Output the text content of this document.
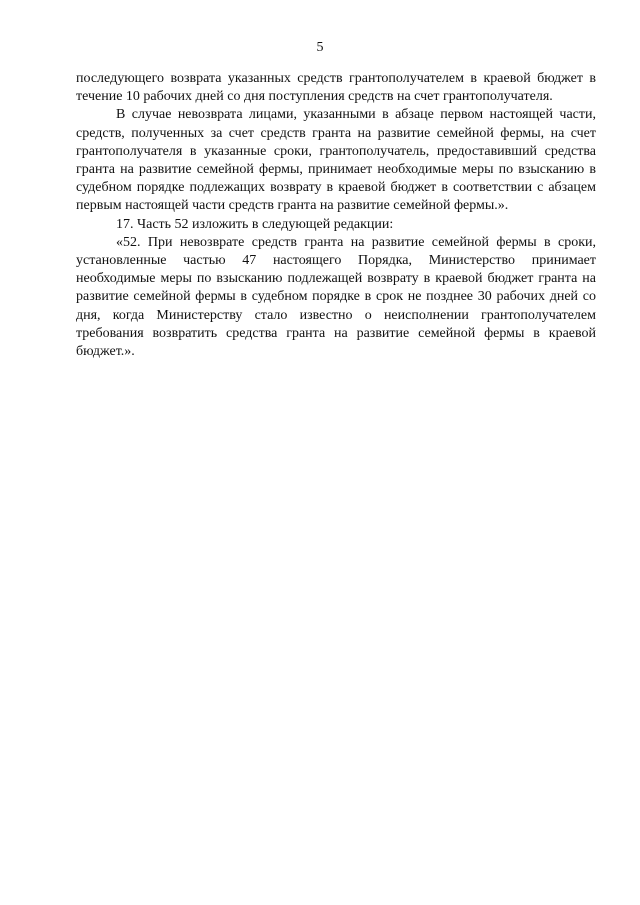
5

последующего возврата указанных средств грантополучателем в краевой бюджет в течение 10 рабочих дней со дня поступления средств на счет грантополучателя.

В случае невозврата лицами, указанными в абзаце первом настоящей части, средств, полученных за счет средств гранта на развитие семейной фермы, на счет грантополучателя в указанные сроки, грантополучатель, предоставивший средства гранта на развитие семейной фермы, принимает необходимые меры по взысканию в судебном порядке подлежащих возврату в краевой бюджет в соответствии с абзацем первым настоящей части средств гранта на развитие семейной фермы.».

17. Часть 52 изложить в следующей редакции:

«52. При невозврате средств гранта на развитие семейной фермы в сроки, установленные частью 47 настоящего Порядка, Министерство принимает необходимые меры по взысканию подлежащей возврату в краевой бюджет гранта на развитие семейной фермы в судебном порядке в срок не позднее 30 рабочих дней со дня, когда Министерству стало известно о неисполнении грантополучателем требования возвратить средства гранта на развитие семейной фермы в краевой бюджет.».
